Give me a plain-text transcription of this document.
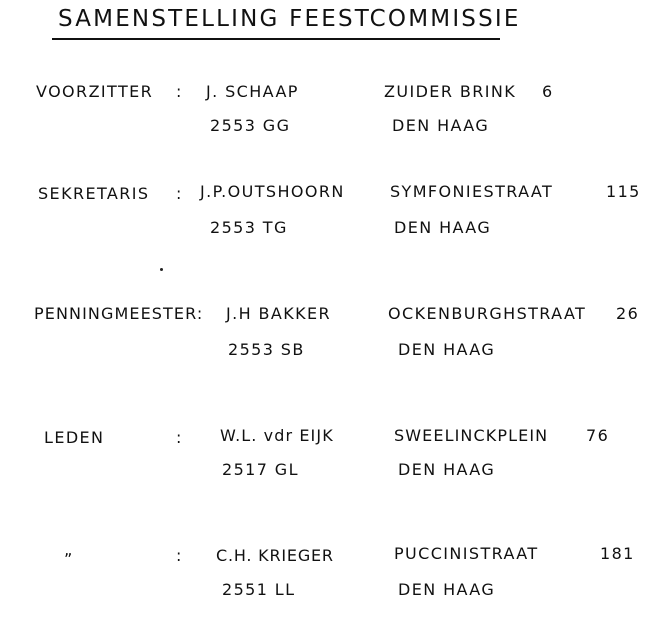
SAMENSTELLING FEESTCOMMISSIE
VOORZITTER : J. SCHAAP	ZUIDER BRINK 6
2553 GG	DEN HAAG
SEKRETARIS : J.P.OUTSHOORN	SYMFONIESTRAAT	115
2553 TG	DEN HAAG
PENNINGMEESTER: J.H BAKKER	OCKENBURGHSTRAAT 26
2553 SB	DEN HAAG
LEDEN	: W.L. vdr EIJK	SWEELINCKPLEIN 76
2517 GL	DEN HAAG
„	: C.H. KRIEGER	PUCCINISTRAAT	181
2551 LL	DEN HAAG
